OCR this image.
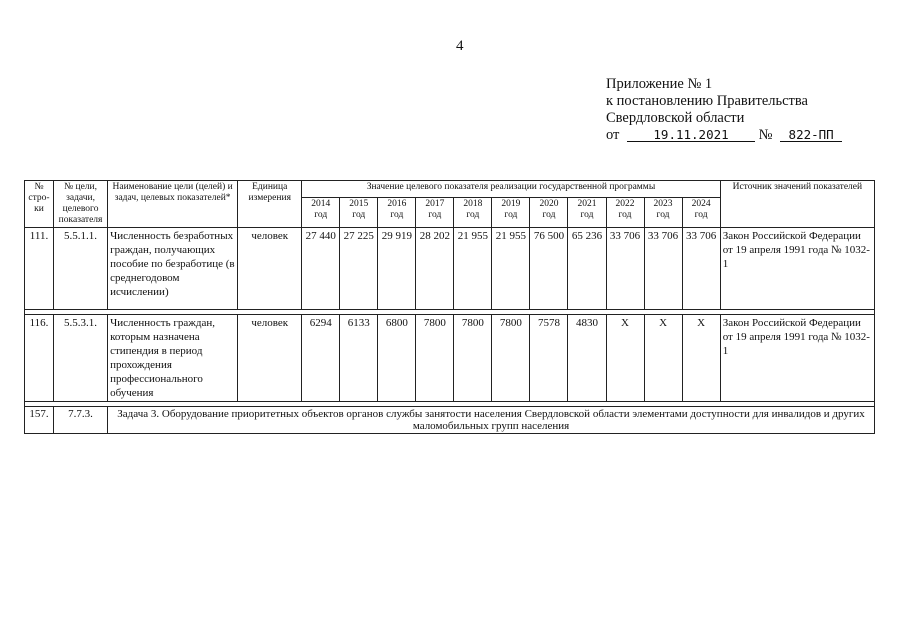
4
Приложение № 1
к постановлению Правительства
Свердловской области
от	19.11.2021 № 822-ПП
№ стро-ки	№ цели, задачи, целевого показателя	Наименование цели (целей) и задач, целевых показателей*	Единица измерения	Значение целевого показателя реализации государственной программы											Источник значений показателей
				2014 год	2015 год	2016 год	2017 год	2018 год	2019 год	2020 год	2021 год	2022 год	2023 год	2024 год	
111.	5.5.1.1.	Численность безработных граждан, получающих пособие по безработице (в среднегодовом исчислении)	человек	27 440	27 225	29 919	28 202	21 955	21 955	76 500	65 236	33 706	33 706	33 706	Закон Российской Федерации от 19 апреля 1991 года № 1032-1

116.	5.5.3.1.	Численность граждан, которым назначена стипендия в период прохождения профессионального обучения	человек	6294	6133	6800	7800	7800	7800	7578	4830	X	X	X	Закон Российской Федерации от 19 апреля 1991 года № 1032-1

157.	7.7.3.	Задача 3. Оборудование приоритетных объектов органов службы занятости населения Свердловской области элементами доступности для инвалидов и других маломобильных групп населения													
